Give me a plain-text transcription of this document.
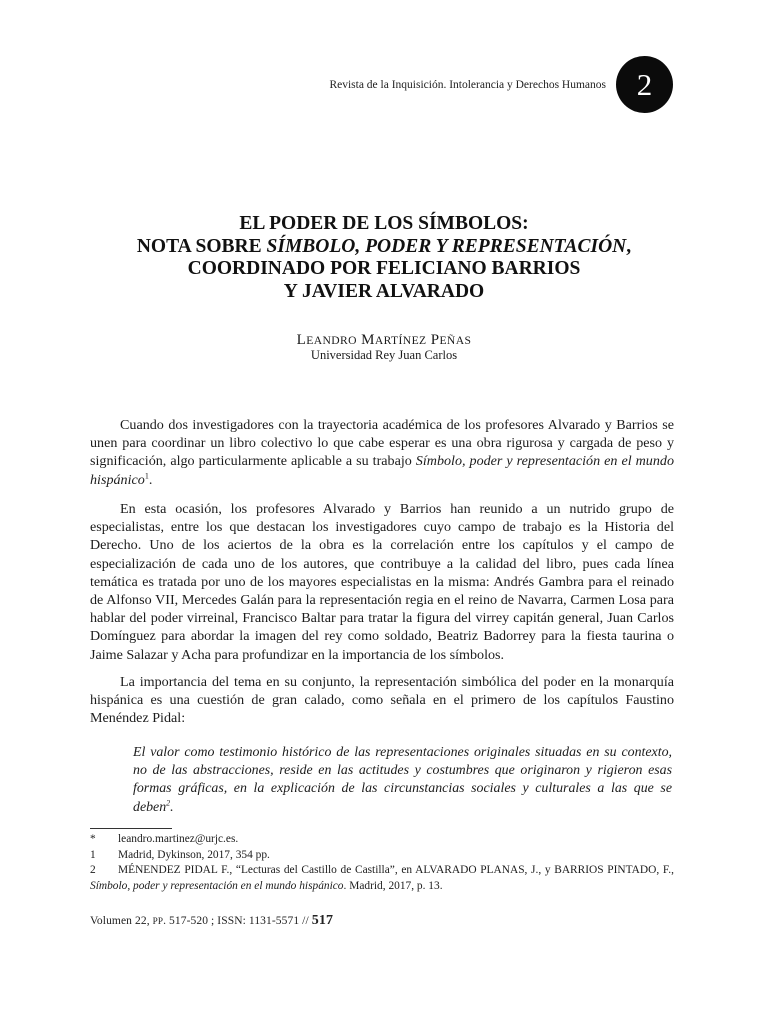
Revista de la Inquisición. Intolerancia y Derechos Humanos 2
EL PODER DE LOS SÍMBOLOS:
NOTA SOBRE SÍMBOLO, PODER Y REPRESENTACIÓN,
COORDINADO POR FELICIANO BARRIOS
Y JAVIER ALVARADO
LEANDRO MARTÍNEZ PEÑAS
Universidad Rey Juan Carlos

Cuando dos investigadores con la trayectoria académica de los profesores Alvarado y Barrios se unen para coordinar un libro colectivo lo que cabe esperar es una obra rigurosa y cargada de peso y significación, algo particularmente aplicable a su trabajo Símbolo, poder y representación en el mundo hispánico$^1$.

En esta ocasión, los profesores Alvarado y Barrios han reunido a un nutrido grupo de especialistas, entre los que destacan los investigadores cuyo campo de trabajo es la Historia del Derecho. Uno de los aciertos de la obra es la correlación entre los capítulos y el campo de especialización de cada uno de los autores, que contribuye a la calidad del libro, pues cada línea temática es tratada por uno de los mayores especialistas en la misma: Andrés Gambra para el reinado de Alfonso VII, Mercedes Galán para la representación regia en el reino de Navarra, Carmen Losa para hablar del poder virreinal, Francisco Baltar para tratar la figura del virrey capitán general, Juan Carlos Domínguez para abordar la imagen del rey como soldado, Beatriz Badorrey para la fiesta taurina o Jaime Salazar y Acha para profundizar en la importancia de los símbolos.

La importancia del tema en su conjunto, la representación simbólica del poder en la monarquía hispánica es una cuestión de gran calado, como señala en el primero de los capítulos Faustino Menéndez Pidal:

El valor como testimonio histórico de las representaciones originales situadas en su contexto, no de las abstracciones, reside en las actitudes y costumbres que originaron y rigieron esas formas gráficas, en la explicación de las circunstancias sociales y culturales a las que se deben$^2$.
* leandro.martinez@urjc.es.
1 Madrid, Dykinson, 2017, 354 pp.
2 MÉNENDEZ PIDAL F., “Lecturas del Castillo de Castilla”, en ALVARADO PLANAS, J., y BARRIOS PINTADO, F., Símbolo, poder y representación en el mundo hispánico. Madrid, 2017, p. 13.
Volumen 22, PP. 517-520 ; ISSN: 1131-5571 // 517
